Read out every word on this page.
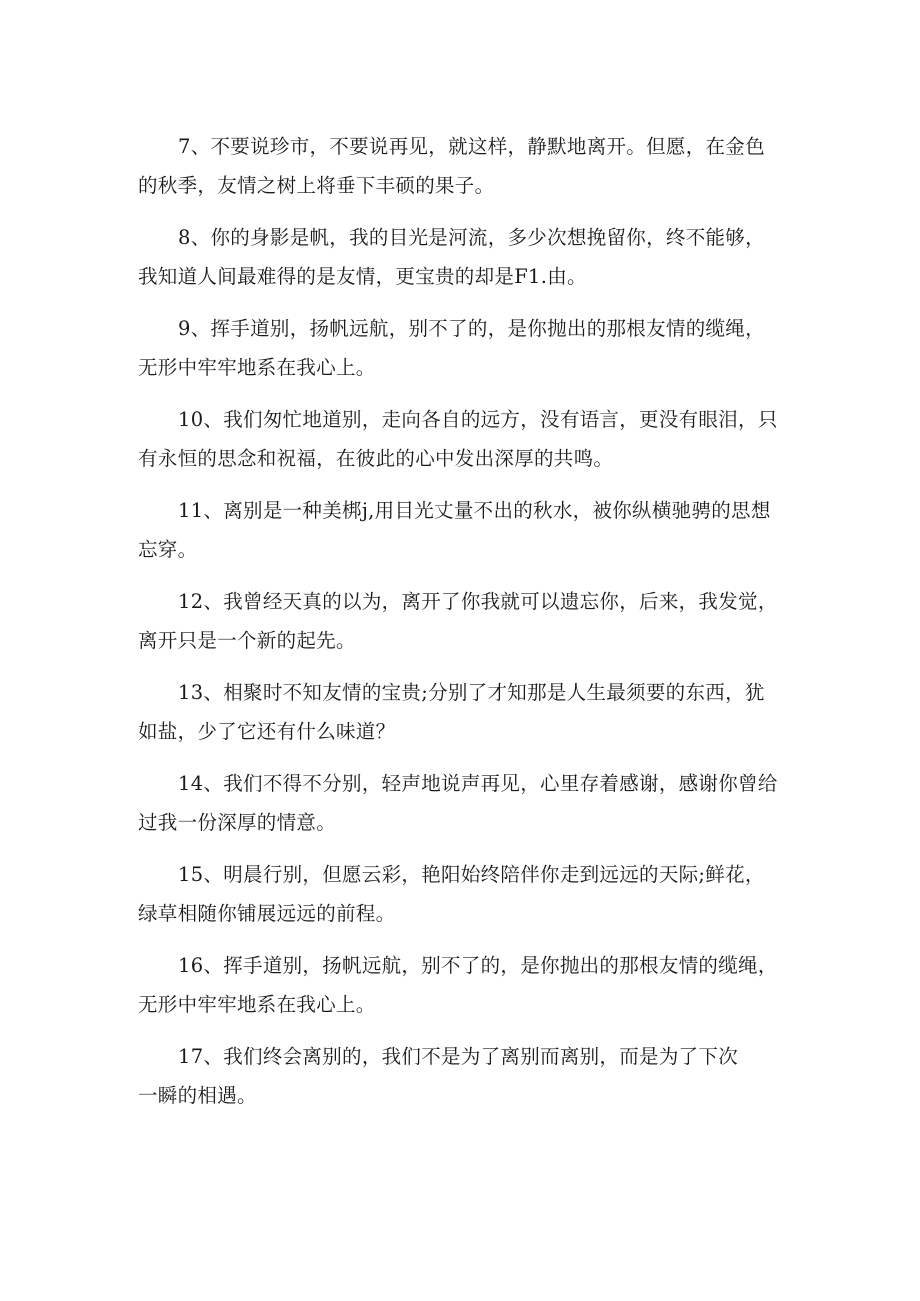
7、不要说珍市，不要说再见，就这样，静默地离开。但愿，在金色
的秋季，友情之树上将垂下丰硕的果子。

8、你的身影是帆，我的目光是河流，多少次想挽留你，终不能够，
我知道人间最难得的是友情，更宝贵的却是F1.由。

9、挥手道别，扬帆远航，别不了的，是你抛出的那根友情的缆绳，
无形中牢牢地系在我心上。

10、我们匆忙地道别，走向各自的远方，没有语言，更没有眼泪，只
有永恒的思念和祝福，在彼此的心中发出深厚的共鸣。

11、离别是一种美梆j,用目光丈量不出的秋水，被你纵横驰骋的思想
忘穿。

12、我曾经天真的以为，离开了你我就可以遗忘你，后来，我发觉，
离开只是一个新的起先。

13、相聚时不知友情的宝贵;分别了才知那是人生最须要的东西，犹
如盐，少了它还有什么味道？

14、我们不得不分别，轻声地说声再见，心里存着感谢，感谢你曾给
过我一份深厚的情意。

15、明晨行别，但愿云彩，艳阳始终陪伴你走到远远的天际;鲜花，
绿草相随你铺展远远的前程。

16、挥手道别，扬帆远航，别不了的，是你抛出的那根友情的缆绳，
无形中牢牢地系在我心上。

17、我们终会离别的，我们不是为了离别而离别，而是为了下次
一瞬的相遇。
